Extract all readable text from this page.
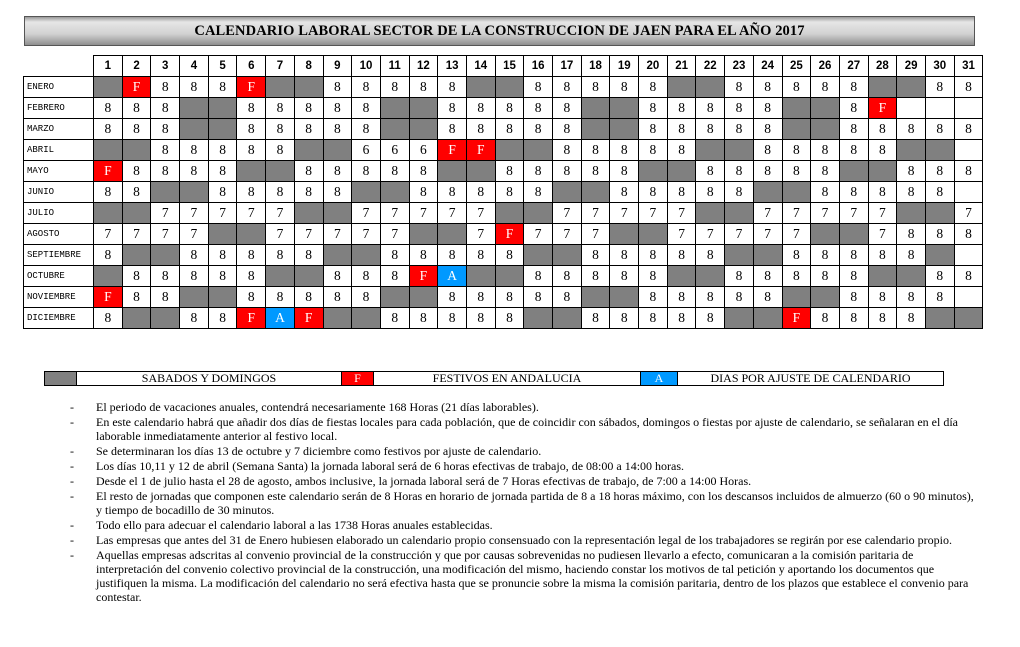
CALENDARIO LABORAL SECTOR DE LA CONSTRUCCION DE JAEN PARA EL AÑO 2017
	1	2	3	4	5	6	7	8	9	10	11	12	13	14	15	16	17	18	19	20	21	22	23	24	25	26	27	28	29	30	31
ENERO		F	8	8	8	F			8	8	8	8	8			8	8	8	8	8			8	8	8	8	8			8	8
FEBRERO	8	8	8			8	8	8	8	8			8	8	8	8	8			8	8	8	8	8			8	F			
MARZO	8	8	8			8	8	8	8	8			8	8	8	8	8			8	8	8	8	8			8	8	8	8	8
ABRIL			8	8	8	8	8			6	6	6	F	F			8	8	8	8	8			8	8	8	8	8			
MAYO	F	8	8	8	8			8	8	8	8	8			8	8	8	8	8			8	8	8	8	8			8	8	8
JUNIO	8	8			8	8	8	8	8			8	8	8	8	8			8	8	8	8	8			8	8	8	8	8	
JULIO			7	7	7	7	7			7	7	7	7	7			7	7	7	7	7			7	7	7	7	7			7
AGOSTO	7	7	7	7			7	7	7	7	7			7	F	7	7	7			7	7	7	7	7			7	8	8	8
SEPTIEMBRE	8			8	8	8	8	8			8	8	8	8	8			8	8	8	8	8			8	8	8	8	8		
OCTUBRE		8	8	8	8	8			8	8	8	F	A			8	8	8	8	8			8	8	8	8	8			8	8
NOVIEMBRE	F	8	8			8	8	8	8	8			8	8	8	8	8			8	8	8	8	8			8	8	8	8	
DICIEMBRE	8			8	8	F	A	F			8	8	8	8	8			8	8	8	8	8			F	8	8	8	8		
SABADOS Y DOMINGOS	F	FESTIVOS EN ANDALUCIA	A	DIAS POR AJUSTE DE CALENDARIO
- El periodo de vacaciones anuales, contendrá necesariamente 168 Horas (21 días laborables).
- En este calendario habrá que añadir dos días de fiestas locales para cada población, que de coincidir con sábados, domingos o fiestas por ajuste de calendario, se señalaran en el día laborable inmediatamente anterior al festivo local.
- Se determinaran los días 13 de octubre y 7 diciembre como festivos por ajuste de calendario.
- Los días 10,11 y 12 de abril (Semana Santa) la jornada laboral será de 6 horas efectivas de trabajo, de 08:00 a 14:00 horas.
- Desde el 1 de julio hasta el 28 de agosto, ambos inclusive, la jornada laboral será de 7 Horas efectivas de trabajo, de 7:00 a 14:00 Horas.
- El resto de jornadas que componen este calendario serán de 8 Horas en horario de jornada partida de 8 a 18 horas máximo, con los descansos incluidos de almuerzo (60 o 90 minutos), y tiempo de bocadillo de 30 minutos.
- Todo ello para adecuar el calendario laboral a las 1738 Horas anuales establecidas.
- Las empresas que antes del 31 de Enero hubiesen elaborado un calendario propio consensuado con la representación legal de los trabajadores se regirán por ese calendario propio.
- Aquellas empresas adscritas al convenio provincial de la construcción y que por causas sobrevenidas no pudiesen llevarlo a efecto, comunicaran a la comisión paritaria de interpretación del convenio colectivo provincial de la construcción, una modificación del mismo, haciendo constar los motivos de tal petición y aportando los documentos que justifiquen la misma. La modificación del calendario no será efectiva hasta que se pronuncie sobre la misma la comisión paritaria, dentro de los plazos que establece el convenio para contestar.
